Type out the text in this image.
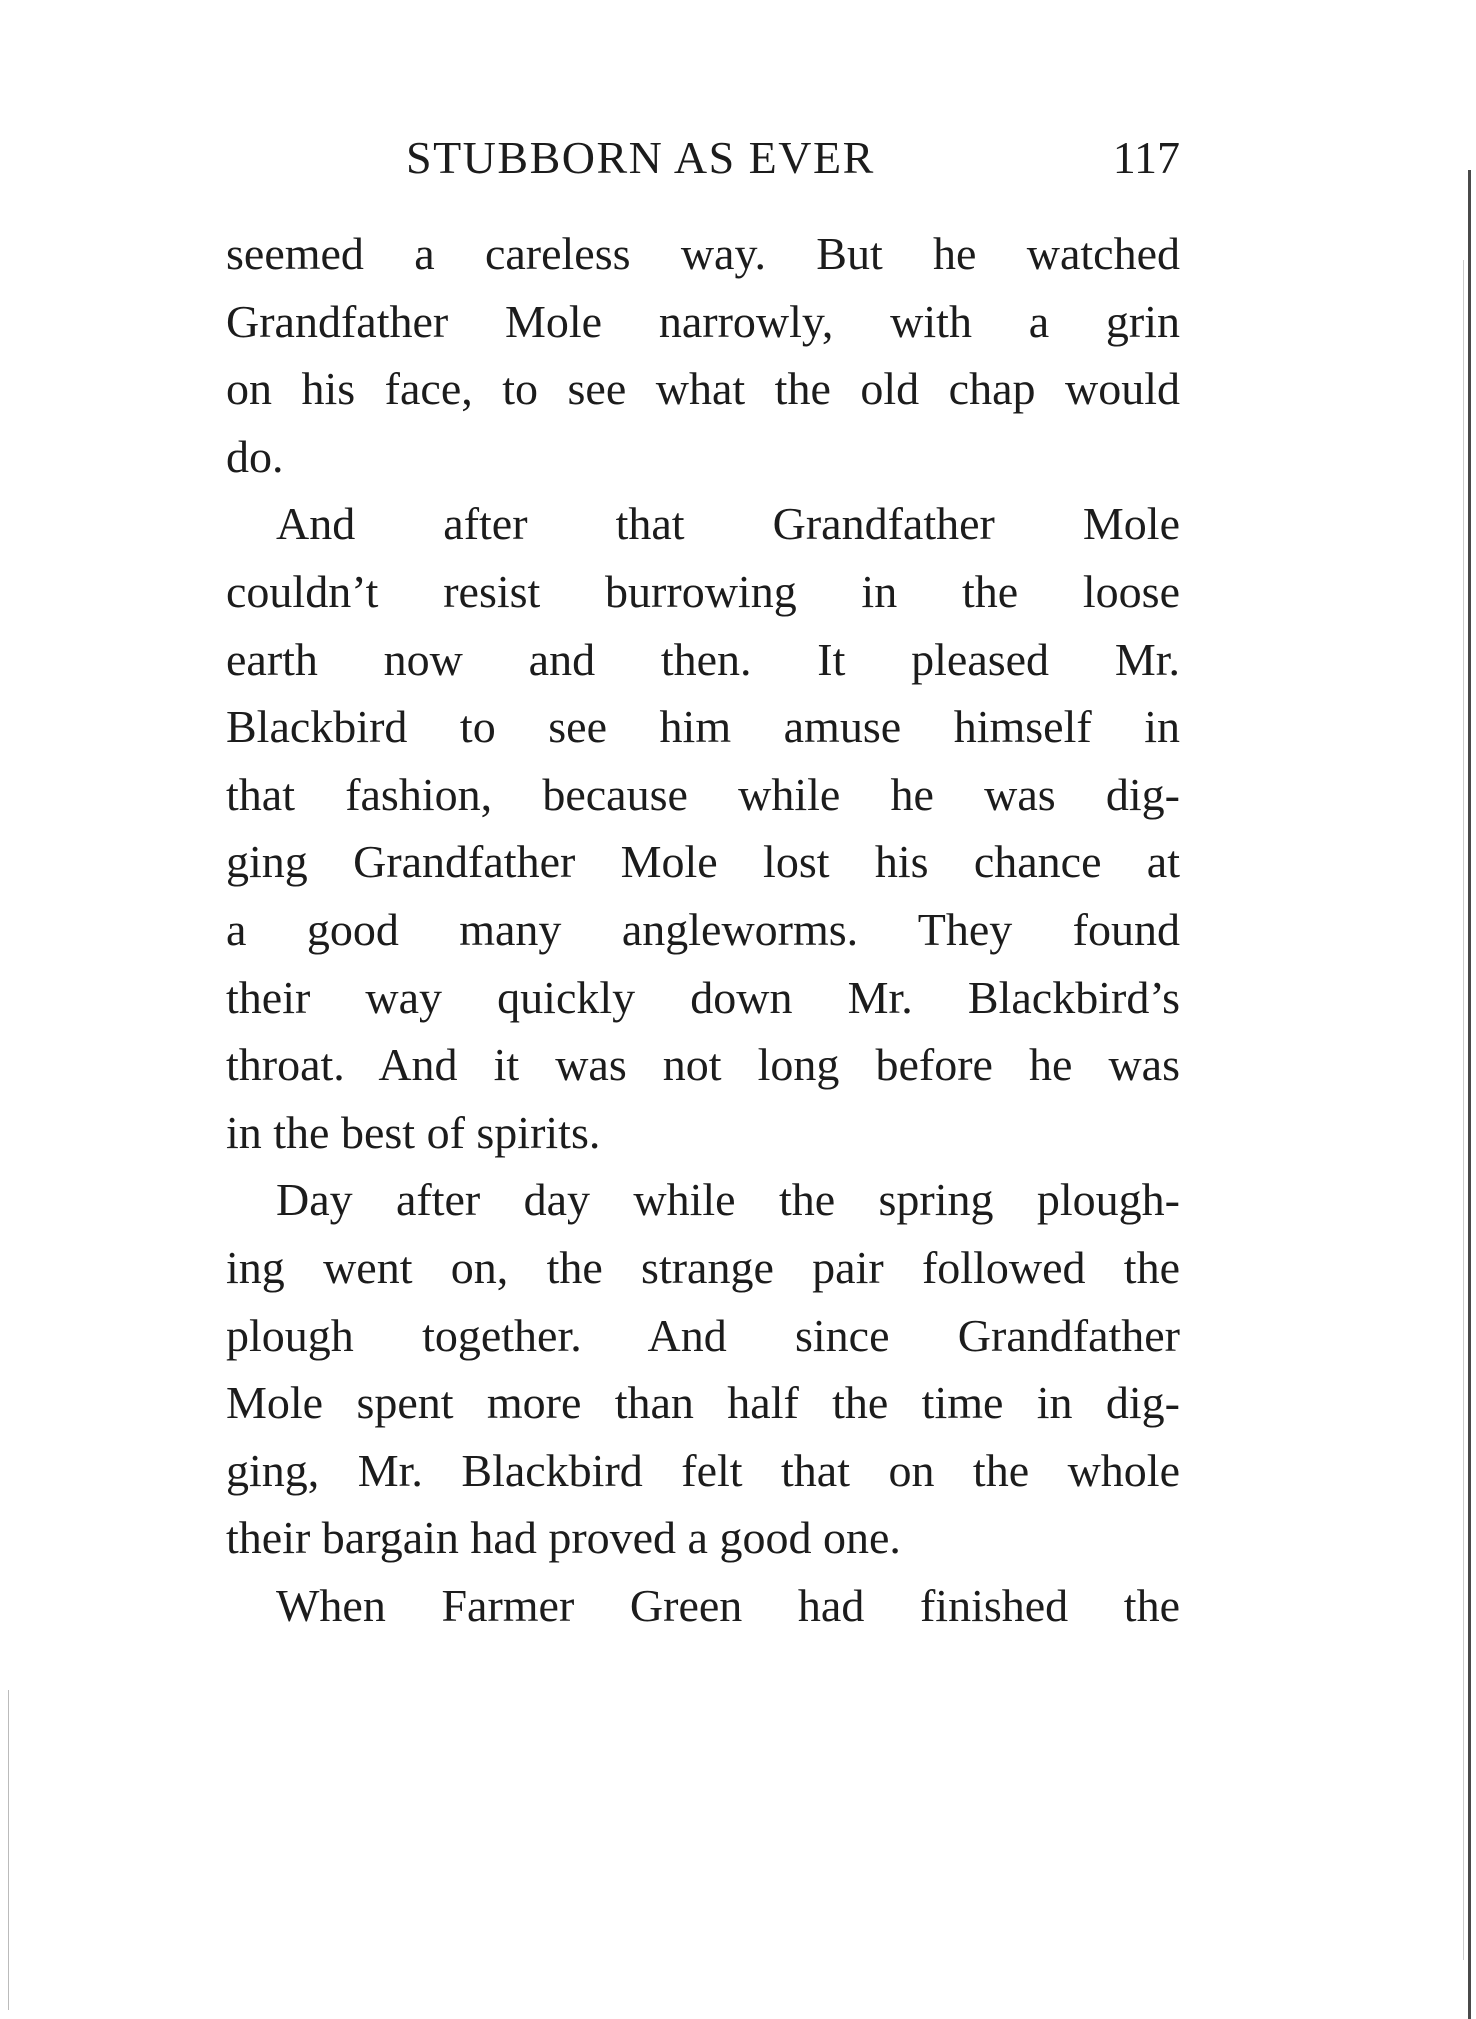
STUBBORN AS EVER	117
seemed a careless way. But he watched
Grandfather Mole narrowly, with a grin
on his face, to see what the old chap would
do.
And after that Grandfather Mole
couldn’t resist burrowing in the loose
earth now and then. It pleased Mr.
Blackbird to see him amuse himself in
that fashion, because while he was dig-
ging Grandfather Mole lost his chance at
a good many angleworms. They found
their way quickly down Mr. Blackbird’s
throat. And it was not long before he was
in the best of spirits.
Day after day while the spring plough-
ing went on, the strange pair followed the
plough together. And since Grandfather
Mole spent more than half the time in dig-
ging, Mr. Blackbird felt that on the whole
their bargain had proved a good one.
When Farmer Green had finished the
